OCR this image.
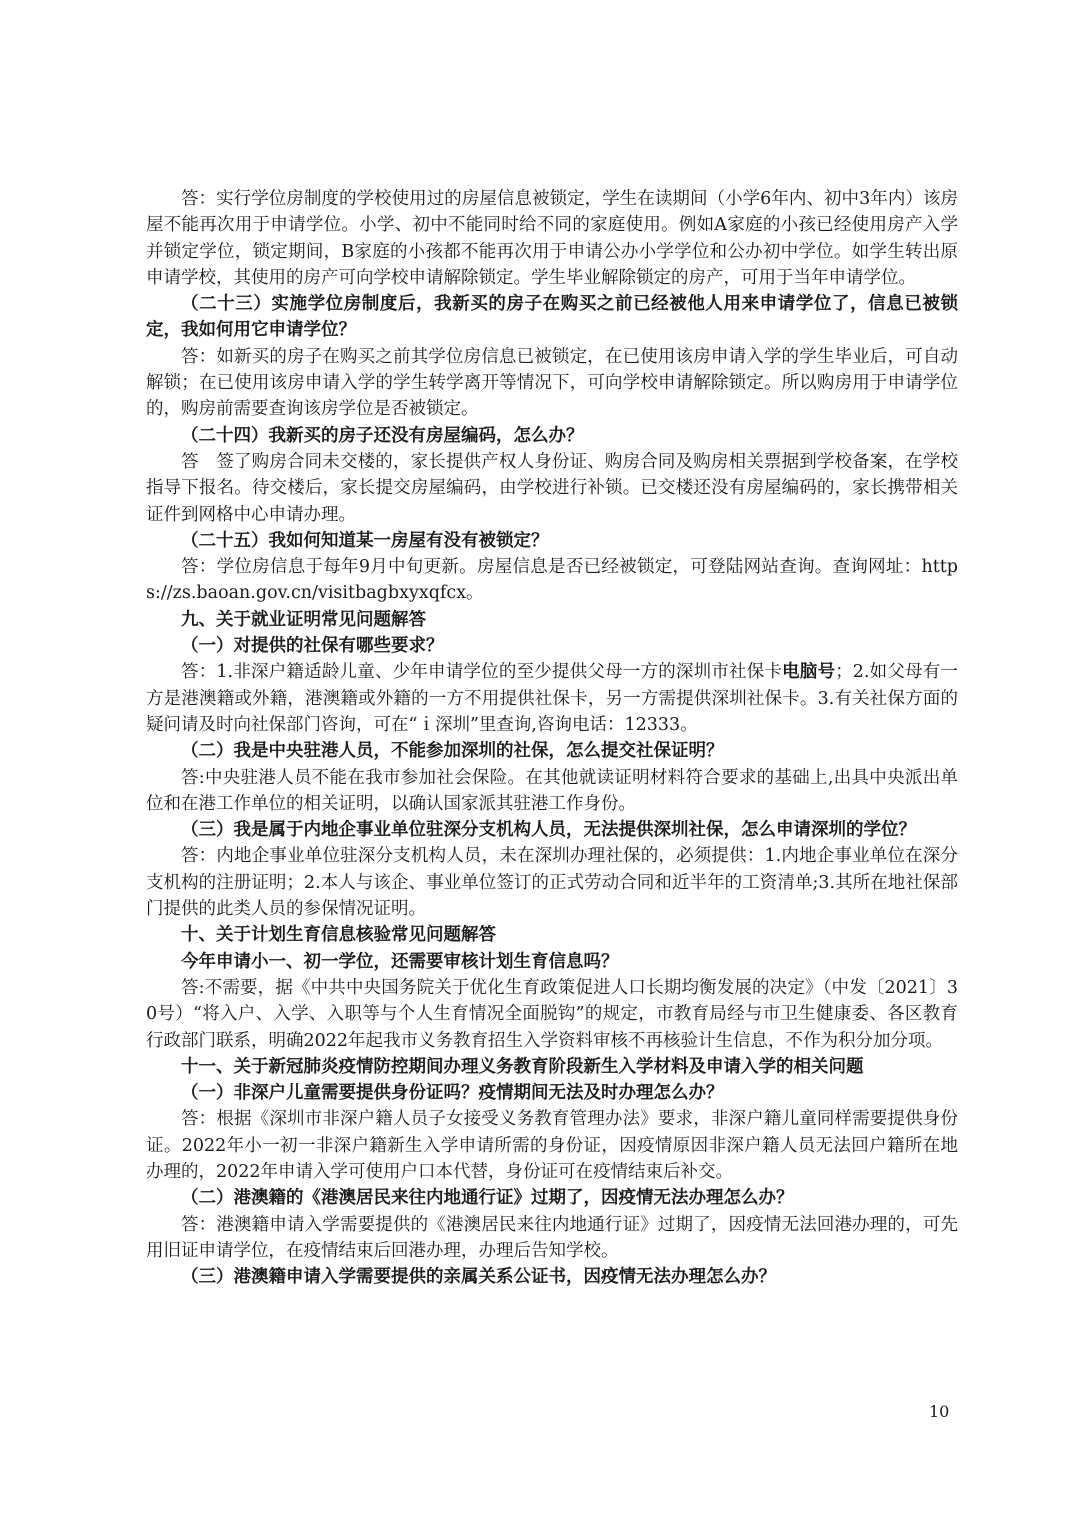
答：实行学位房制度的学校使用过的房屋信息被锁定，学生在读期间（小学6年内、初中3年内）该房屋不能再次用于申请学位。小学、初中不能同时给不同的家庭使用。例如A家庭的小孩已经使用房产入学并锁定学位，锁定期间，B家庭的小孩都不能再次用于申请公办小学学位和公办初中学位。如学生转出原申请学校，其使用的房产可向学校申请解除锁定。学生毕业解除锁定的房产，可用于当年申请学位。

（二十三）实施学位房制度后，我新买的房子在购买之前已经被他人用来申请学位了，信息已被锁定，我如何用它申请学位？

答：如新买的房子在购买之前其学位房信息已被锁定，在已使用该房申请入学的学生毕业后，可自动解锁；在已使用该房申请入学的学生转学离开等情况下，可向学校申请解除锁定。所以购房用于申请学位的，购房前需要查询该房学位是否被锁定。

（二十四）我新买的房子还没有房屋编码，怎么办？

答　签了购房合同未交楼的，家长提供产权人身份证、购房合同及购房相关票据到学校备案，在学校指导下报名。待交楼后，家长提交房屋编码，由学校进行补锁。已交楼还没有房屋编码的，家长携带相关证件到网格中心申请办理。

（二十五）我如何知道某一房屋有没有被锁定？

答：学位房信息于每年9月中旬更新。房屋信息是否已经被锁定，可登陆网站查询。查询网址：https://zs.baoan.gov.cn/visitbagbxyxqfcx。

九、关于就业证明常见问题解答

（一）对提供的社保有哪些要求？

答：1.非深户籍适龄儿童、少年申请学位的至少提供父母一方的深圳市社保卡电脑号；2.如父母有一方是港澳籍或外籍，港澳籍或外籍的一方不用提供社保卡，另一方需提供深圳社保卡。3.有关社保方面的疑问请及时向社保部门咨询，可在“ｉ深圳”里查询,咨询电话：12333。

（二）我是中央驻港人员，不能参加深圳的社保，怎么提交社保证明？

答:中央驻港人员不能在我市参加社会保险。在其他就读证明材料符合要求的基础上,出具中央派出单位和在港工作单位的相关证明，以确认国家派其驻港工作身份。

（三）我是属于内地企事业单位驻深分支机构人员，无法提供深圳社保，怎么申请深圳的学位？

答：内地企事业单位驻深分支机构人员，未在深圳办理社保的，必须提供：1.内地企事业单位在深分支机构的注册证明；2.本人与该企、事业单位签订的正式劳动合同和近半年的工资清单;3.其所在地社保部门提供的此类人员的参保情况证明。

十、关于计划生育信息核验常见问题解答

今年申请小一、初一学位，还需要审核计划生育信息吗？

答:不需要，据《中共中央国务院关于优化生育政策促进人口长期均衡发展的决定》（中发〔2021〕30号）“将入户、入学、入职等与个人生育情况全面脱钩”的规定，市教育局经与市卫生健康委、各区教育行政部门联系，明确2022年起我市义务教育招生入学资料审核不再核验计生信息，不作为积分加分项。

十一、关于新冠肺炎疫情防控期间办理义务教育阶段新生入学材料及申请入学的相关问题

（一）非深户儿童需要提供身份证吗？疫情期间无法及时办理怎么办？

答：根据《深圳市非深户籍人员子女接受义务教育管理办法》要求，非深户籍儿童同样需要提供身份证。2022年小一初一非深户籍新生入学申请所需的身份证，因疫情原因非深户籍人员无法回户籍所在地办理的，2022年申请入学可使用户口本代替，身份证可在疫情结束后补交。

（二）港澳籍的《港澳居民来往内地通行证》过期了，因疫情无法办理怎么办？

答：港澳籍申请入学需要提供的《港澳居民来往内地通行证》过期了，因疫情无法回港办理的，可先用旧证申请学位，在疫情结束后回港办理，办理后告知学校。

（三）港澳籍申请入学需要提供的亲属关系公证书，因疫情无法办理怎么办？

10
